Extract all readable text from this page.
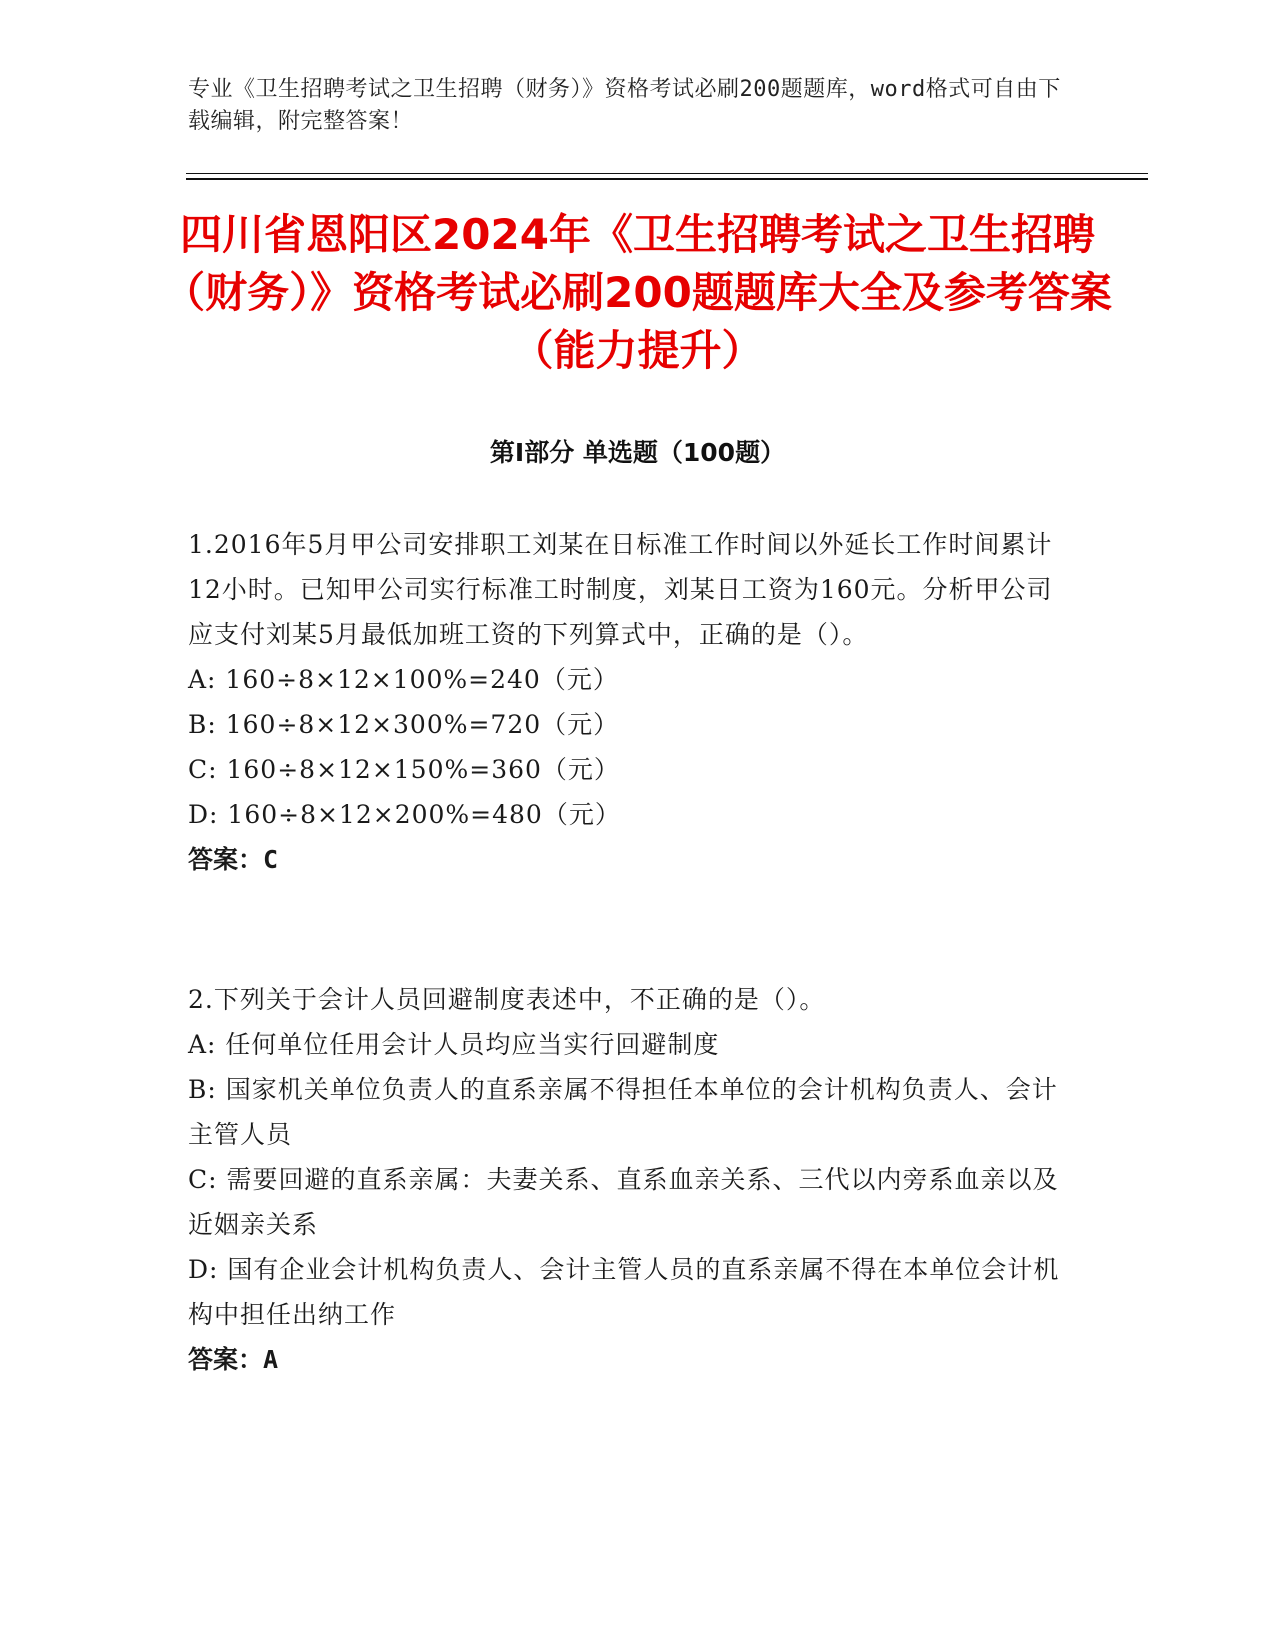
专业《卫生招聘考试之卫生招聘（财务）》资格考试必刷200题题库，word格式可自由下载编辑，附完整答案！
四川省恩阳区2024年《卫生招聘考试之卫生招聘（财务）》资格考试必刷200题题库大全及参考答案（能力提升）
第Ⅰ部分 单选题（100题）

1.2016年5月甲公司安排职工刘某在日标准工作时间以外延长工作时间累计12小时。已知甲公司实行标准工时制度，刘某日工资为160元。分析甲公司应支付刘某5月最低加班工资的下列算式中，正确的是（）。

A: 160÷8×12×100%=240（元）

B: 160÷8×12×300%=720（元）

C: 160÷8×12×150%=360（元）

D: 160÷8×12×200%=480（元）

答案：C

2.下列关于会计人员回避制度表述中，不正确的是（）。

A: 任何单位任用会计人员均应当实行回避制度

B: 国家机关单位负责人的直系亲属不得担任本单位的会计机构负责人、会计主管人员

C: 需要回避的直系亲属：夫妻关系、直系血亲关系、三代以内旁系血亲以及近姻亲关系

D: 国有企业会计机构负责人、会计主管人员的直系亲属不得在本单位会计机构中担任出纳工作

答案：A
